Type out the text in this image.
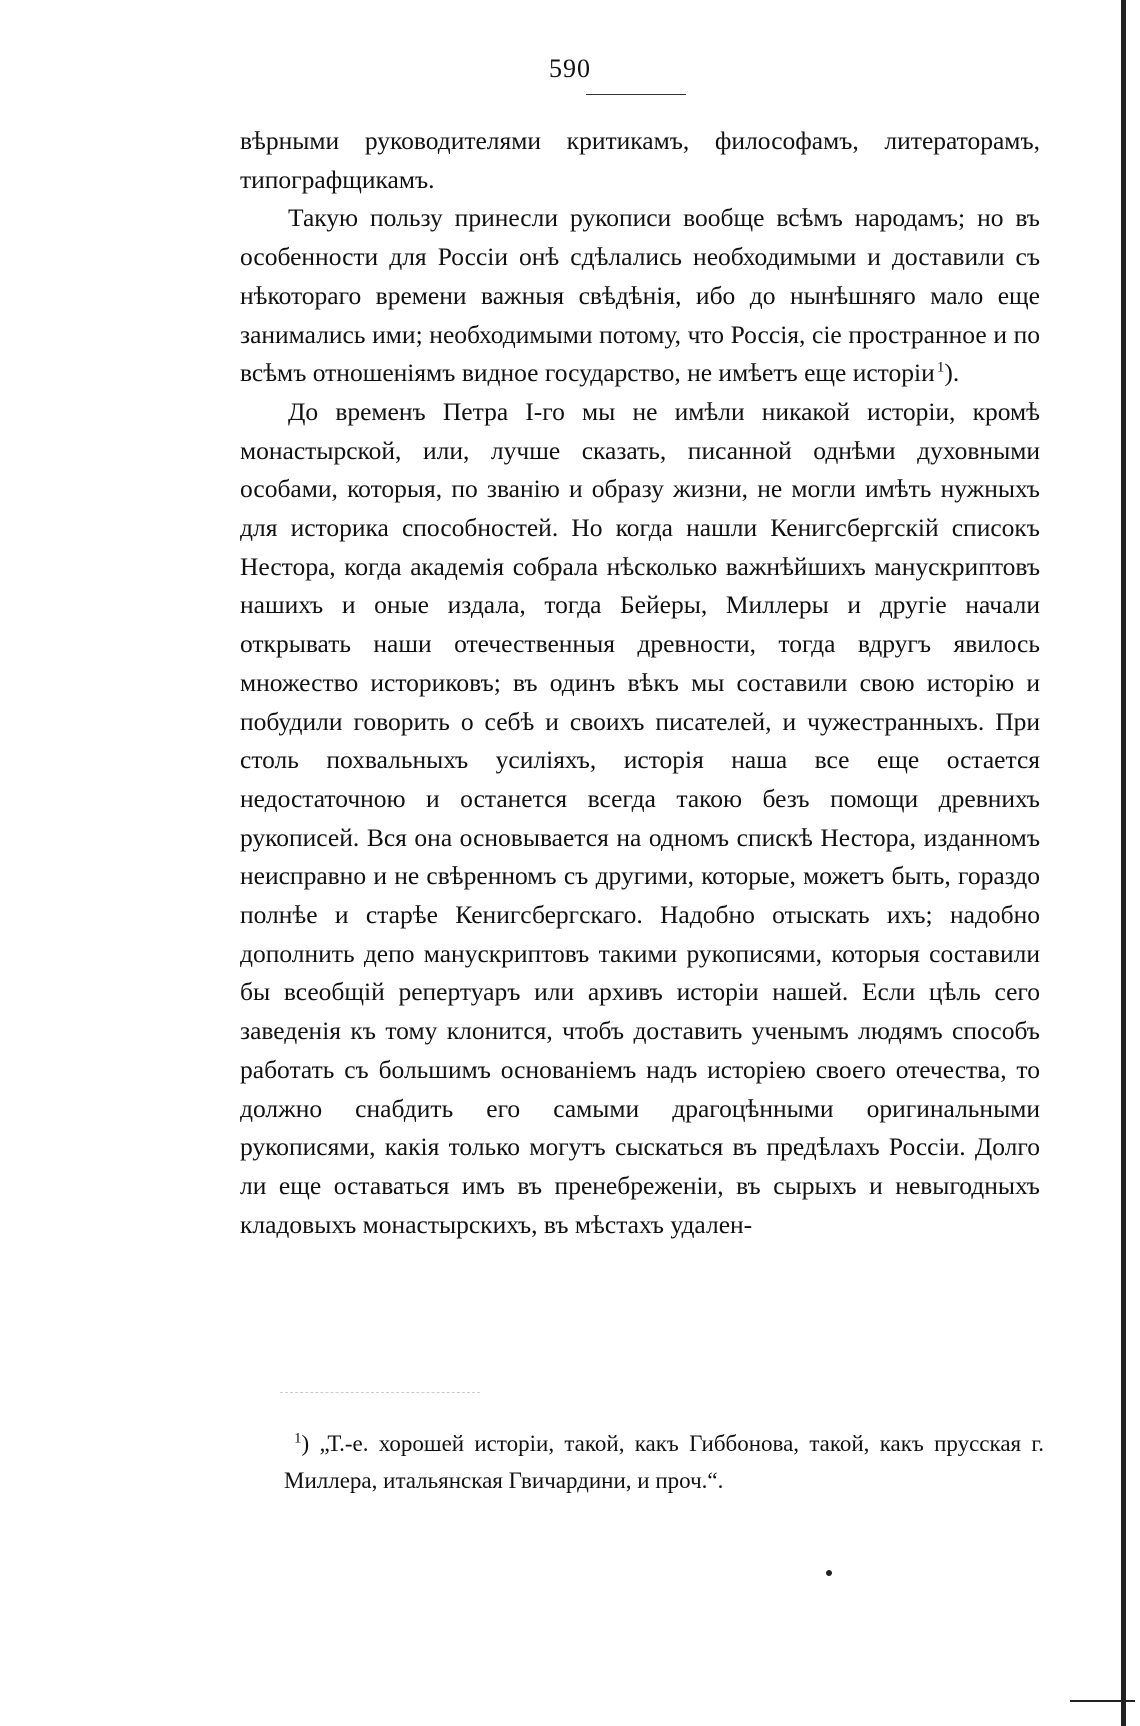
590

вѣрными руководителями критикамъ, философамъ, литераторамъ, типографщикамъ.

Такую пользу принесли рукописи вообще всѣмъ народамъ; но въ особенности для Россіи онѣ сдѣлались необходимыми и доставили съ нѣкотораго времени важныя свѣдѣнія, ибо до нынѣшняго мало еще занимались ими; необходимыми потому, что Россія, сіе пространное и по всѣмъ отношеніямъ видное государство, не имѣетъ еще исторіи  $^1$).

До временъ Петра I-го мы не имѣли никакой исторіи, кромѣ монастырской, или, лучше сказать, писанной однѣми духовными особами, которыя, по званію и образу жизни, не могли имѣть нужныхъ для историка способностей. Но когда нашли Кенигсбергскій списокъ Нестора, когда академія собрала нѣсколько важнѣйшихъ манускриптовъ нашихъ и оные издала, тогда Бейеры, Миллеры и другіе начали открывать наши отечественныя древности, тогда вдругъ явилось множество историковъ; въ одинъ вѣкъ мы составили свою исторію и побудили говорить о себѣ и своихъ писателей, и чужестранныхъ. При столь похвальныхъ усиліяхъ, исторія наша все еще остается недостаточною и останется всегда такою безъ помощи древнихъ рукописей. Вся она основывается на одномъ спискѣ Нестора, изданномъ неисправно и не свѣренномъ съ другими, которые, можетъ быть, гораздо полнѣе и старѣе Кенигсбергскаго. Надобно отыскать ихъ; надобно дополнить депо манускриптовъ такими рукописями, которыя составили бы всеобщій репертуаръ или архивъ исторіи нашей. Если цѣль сего заведенія къ тому клонится, чтобъ доставить ученымъ людямъ способъ работать съ большимъ основаніемъ надъ исторіею своего отечества, то должно снабдить его самыми драгоцѣнными оригинальными рукописями, какія только могутъ сыскаться въ предѣлахъ Россіи. Долго ли еще оставаться имъ въ пренебреженіи, въ сырыхъ и невыгодныхъ кладовыхъ монастырскихъ, въ мѣстахъ удален-

$^1$) „Т.-е. хорошей исторіи, такой, какъ Гиббонова, такой, какъ прусская г. Миллера, итальянская Гвичардини, и проч.“.
